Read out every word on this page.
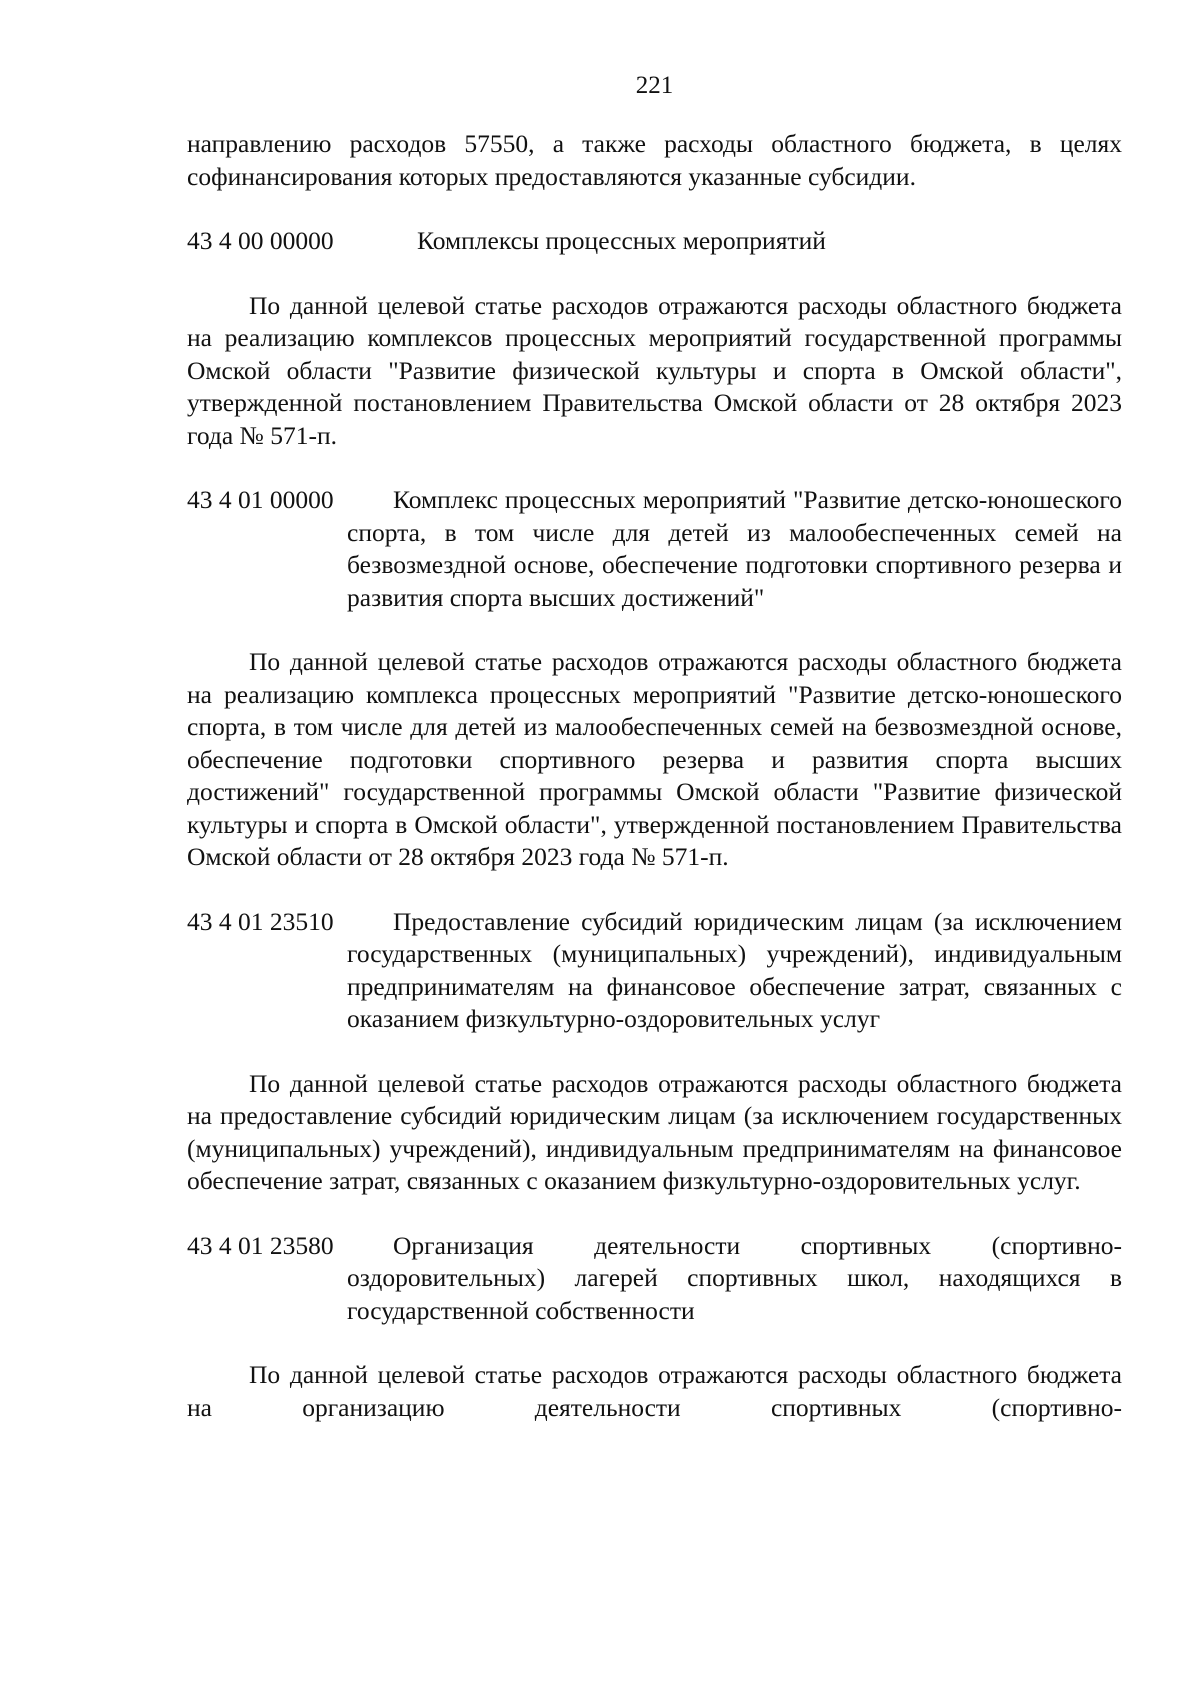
221

направлению расходов 57550, а также расходы областного бюджета, в целях софинансирования которых предоставляются указанные субсидии.

43 4 00 00000	Комплексы процессных мероприятий

По данной целевой статье расходов отражаются расходы областного бюджета на реализацию комплексов процессных мероприятий государственной программы Омской области "Развитие физической культуры и спорта в Омской области", утвержденной постановлением Правительства Омской области от 28 октября 2023 года № 571-п.

43 4 01 00000	Комплекс процессных мероприятий "Развитие детско-юношеского спорта, в том числе для детей из малообеспеченных семей на безвозмездной основе, обеспечение подготовки спортивного резерва и развития спорта высших достижений"

По данной целевой статье расходов отражаются расходы областного бюджета на реализацию комплекса процессных мероприятий "Развитие детско-юношеского спорта, в том числе для детей из малообеспеченных семей на безвозмездной основе, обеспечение подготовки спортивного резерва и развития спорта высших достижений" государственной программы Омской области "Развитие физической культуры и спорта в Омской области", утвержденной постановлением Правительства Омской области от 28 октября 2023 года № 571-п.

43 4 01 23510	Предоставление субсидий юридическим лицам (за исключением государственных (муниципальных) учреждений), индивидуальным предпринимателям на финансовое обеспечение затрат, связанных с оказанием физкультурно-оздоровительных услуг

По данной целевой статье расходов отражаются расходы областного бюджета на предоставление субсидий юридическим лицам (за исключением государственных (муниципальных) учреждений), индивидуальным предпринимателям на финансовое обеспечение затрат, связанных с оказанием физкультурно-оздоровительных услуг.

43 4 01 23580	Организация деятельности спортивных (спортивно-оздоровительных) лагерей спортивных школ, находящихся в государственной собственности

По данной целевой статье расходов отражаются расходы областного бюджета на организацию деятельности спортивных (спортивно-
